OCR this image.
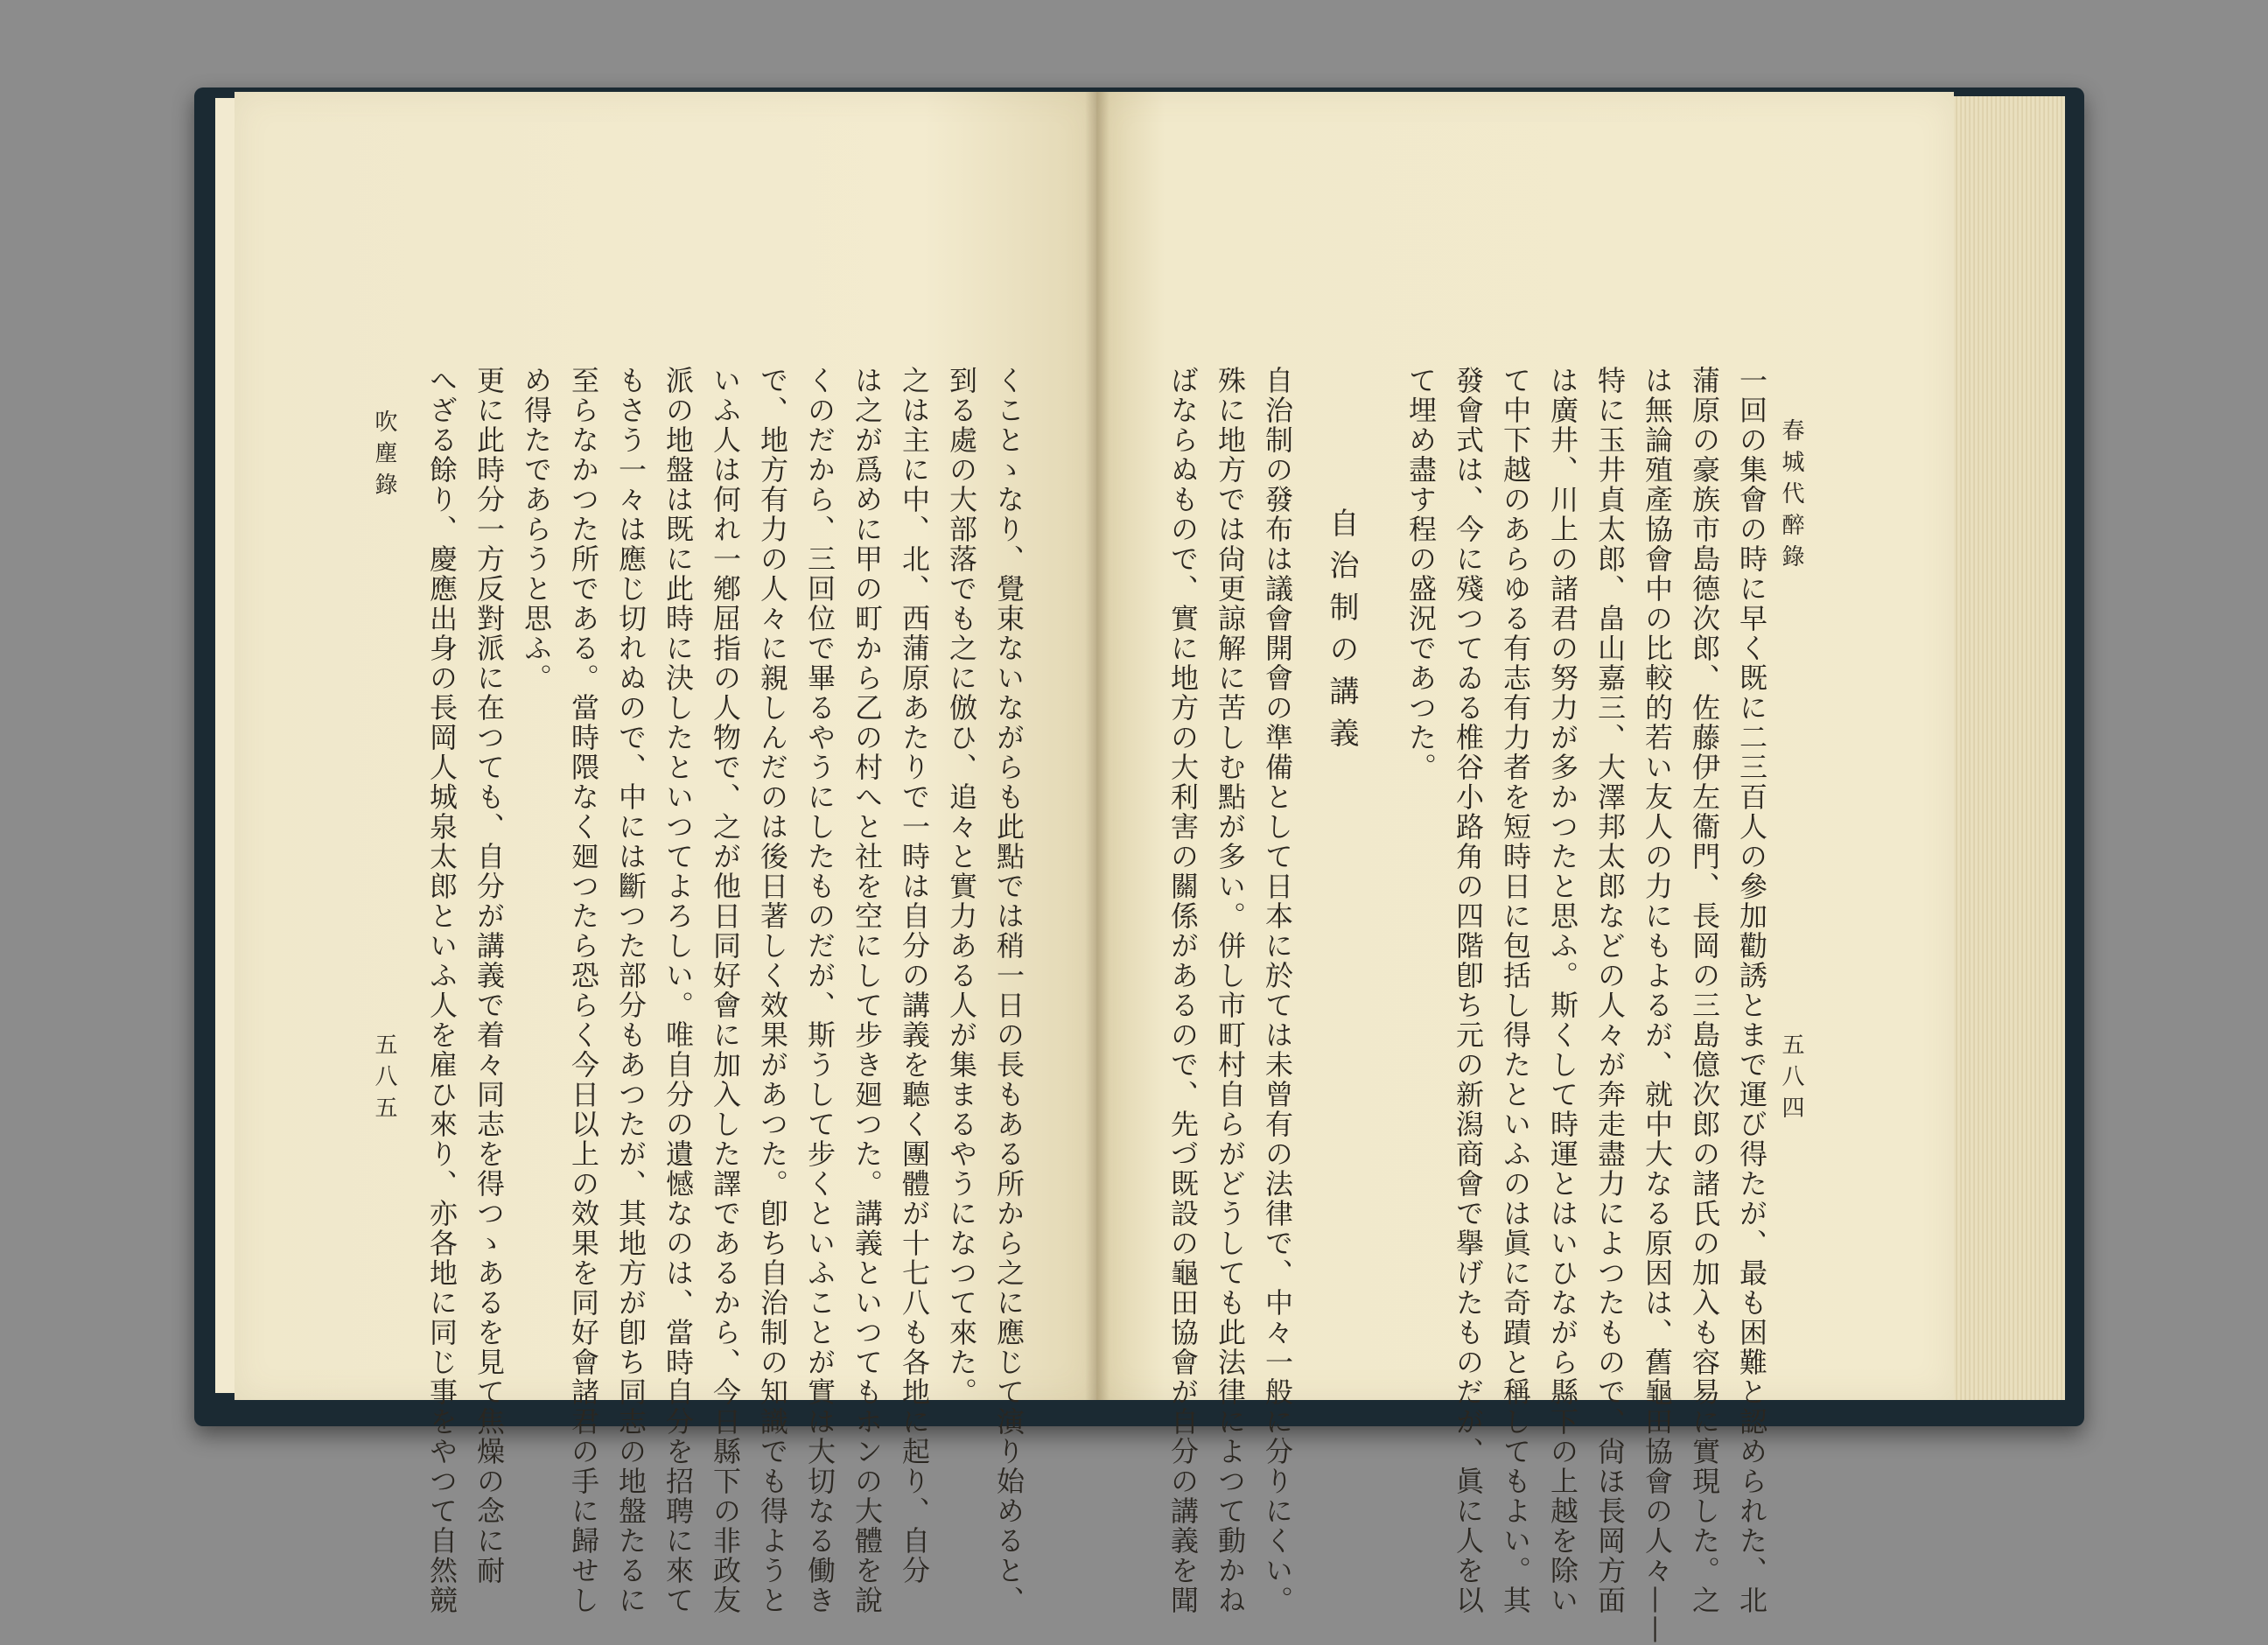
春城代醉錄
五八四
一回の集會の時に早く既に二三百人の參加勸誘とまで運び得たが、最も困難と認められた、北
蒲原の豪族市島德次郎、佐藤伊左衞門、長岡の三島億次郎の諸氏の加入も容易に實現した。之
は無論殖產協會中の比較的若い友人の力にもよるが、就中大なる原因は、舊龜田協會の人々——
特に玉井貞太郎、畠山嘉三、大澤邦太郎などの人々が奔走盡力によつたもので、尙ほ長岡方面
は廣井、川上の諸君の努力が多かつたと思ふ。斯くして時運とはいひながら縣下の上越を除い
て中下越のあらゆる有志有力者を短時日に包括し得たといふのは眞に奇蹟と稱してもよい。其
發會式は、今に殘つてゐる椎谷小路角の四階卽ち元の新潟商會で擧げたものだが、眞に人を以
て埋め盡す程の盛況であつた。
自治制の講義
自治制の發布は議會開會の準備として日本に於ては未曾有の法律で、中々一般に分りにくい。
殊に地方では尙更諒解に苦しむ點が多い。併し市町村自らがどうしても此法律によつて動かね
ばならぬもので、實に地方の大利害の關係があるので、先づ既設の龜田協會が自分の講義を聞
くことゝなり、覺束ないながらも此點では稍一日の長もある所から之に應じて演り始めると、
到る處の大部落でも之に倣ひ、追々と實力ある人が集まるやうになつて來た。
之は主に中、北、西蒲原あたりで一時は自分の講義を聽く團體が十七八も各地に起り、自分
は之が爲めに甲の町から乙の村へと社を空にして步き廻つた。講義といつてもホンの大體を說
くのだから、三回位で畢るやうにしたものだが、斯うして步くといふことが實は大切なる働き
で、地方有力の人々に親しんだのは後日著しく效果があつた。卽ち自治制の知識でも得ようと
いふ人は何れ一鄕屈指の人物で、之が他日同好會に加入した譯であるから、今日縣下の非政友
派の地盤は既に此時に決したといつてよろしい。唯自分の遺憾なのは、當時自分を招聘に來て
もさう一々は應じ切れぬので、中には斷つた部分もあつたが、其地方が卽ち同志の地盤たるに
至らなかつた所である。當時隈なく廻つたら恐らく今日以上の效果を同好會諸君の手に歸せし
め得たであらうと思ふ。
更に此時分一方反對派に在つても、自分が講義で着々同志を得つゝあるを見て焦燥の念に耐
へざる餘り、慶應出身の長岡人城泉太郎といふ人を雇ひ來り、亦各地に同じ事をやつて自然競
吹塵錄
五八五
